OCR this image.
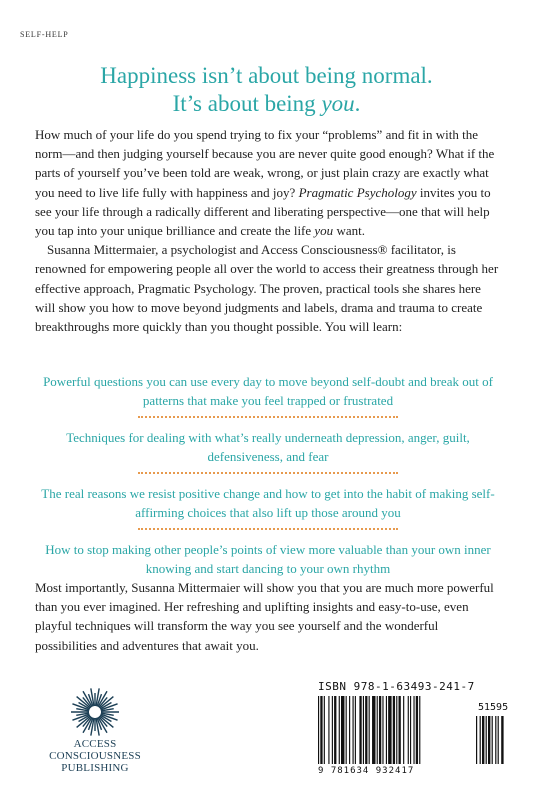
SELF-HELP
Happiness isn’t about being normal.
It’s about being you.

How much of your life do you spend trying to fix your “problems” and fit in with the norm—and then judging yourself because you are never quite good enough? What if the parts of yourself you’ve been told are weak, wrong, or just plain crazy are exactly what you need to live life fully with happiness and joy? Pragmatic Psychology invites you to see your life through a radically different and liberating perspective—one that will help you tap into your unique brilliance and create the life you want.

Susanna Mittermaier, a psychologist and Access Consciousness® facilitator, is renowned for empowering people all over the world to access their greatness through her effective approach, Pragmatic Psychology. The proven, practical tools she shares here will show you how to move beyond judgments and labels, drama and trauma to create breakthroughs more quickly than you thought possible. You will learn:

Powerful questions you can use every day to move beyond self-doubt and break out of patterns that make you feel trapped or frustrated
Techniques for dealing with what’s really underneath depression, anger, guilt, defensiveness, and fear
The real reasons we resist positive change and how to get into the habit of making self-affirming choices that also lift up those around you
How to stop making other people’s points of view more valuable than your own inner knowing and start dancing to your own rhythm

Most importantly, Susanna Mittermaier will show you that you are much more powerful than you ever imagined. Her refreshing and uplifting insights and easy-to-use, even playful techniques will transform the way you see yourself and the wonderful possibilities and adventures that await you.

ACCESS CONSCIOUSNESS
PUBLISHING
ISBN 978-1-63493-241-7
51595
9 781634 932417
